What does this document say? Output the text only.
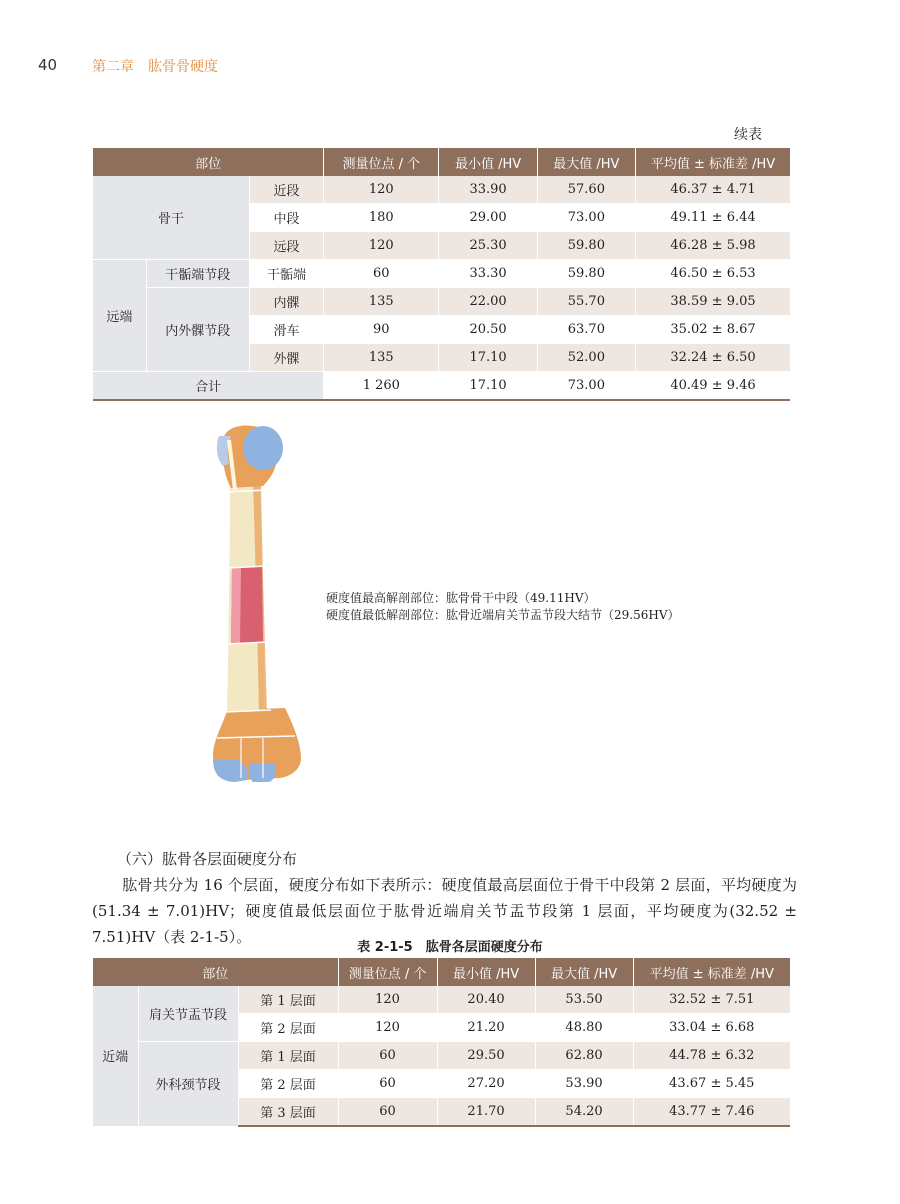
40 第二章　肱骨骨硬度
续表
部位			测量位点 / 个	最小值 /HV	最大值 /HV	平均值 ± 标准差 /HV
骨干		近段	120	33.90	57.60	46.37 ± 4.71
		中段	180	29.00	73.00	49.11 ± 6.44
		远段	120	25.30	59.80	46.28 ± 5.98
远端	干骺端节段	干骺端	60	33.30	59.80	46.50 ± 6.53
	内外髁节段	内髁	135	22.00	55.70	38.59 ± 9.05
		滑车	90	20.50	63.70	35.02 ± 8.67
		外髁	135	17.10	52.00	32.24 ± 6.50
合计			1 260	17.10	73.00	40.49 ± 9.46
硬度值最高解剖部位：肱骨骨干中段（49.11HV）
硬度值最低解剖部位：肱骨近端肩关节盂节段大结节（29.56HV）
（六）肱骨各层面硬度分布
肱骨共分为 16 个层面，硬度分布如下表所示：硬度值最高层面位于骨干中段第 2 层面，平均硬度为(51.34 ± 7.01)HV；硬度值最低层面位于肱骨近端肩关节盂节段第 1 层面，平均硬度为(32.52 ± 7.51)HV（表 2-1-5）。
表 2-1-5　肱骨各层面硬度分布
部位			测量位点 / 个	最小值 /HV	最大值 /HV	平均值 ± 标准差 /HV
近端	肩关节盂节段	第 1 层面	120	20.40	53.50	32.52 ± 7.51
		第 2 层面	120	21.20	48.80	33.04 ± 6.68
	外科颈节段	第 1 层面	60	29.50	62.80	44.78 ± 6.32
		第 2 层面	60	27.20	53.90	43.67 ± 5.45
		第 3 层面	60	21.70	54.20	43.77 ± 7.46
